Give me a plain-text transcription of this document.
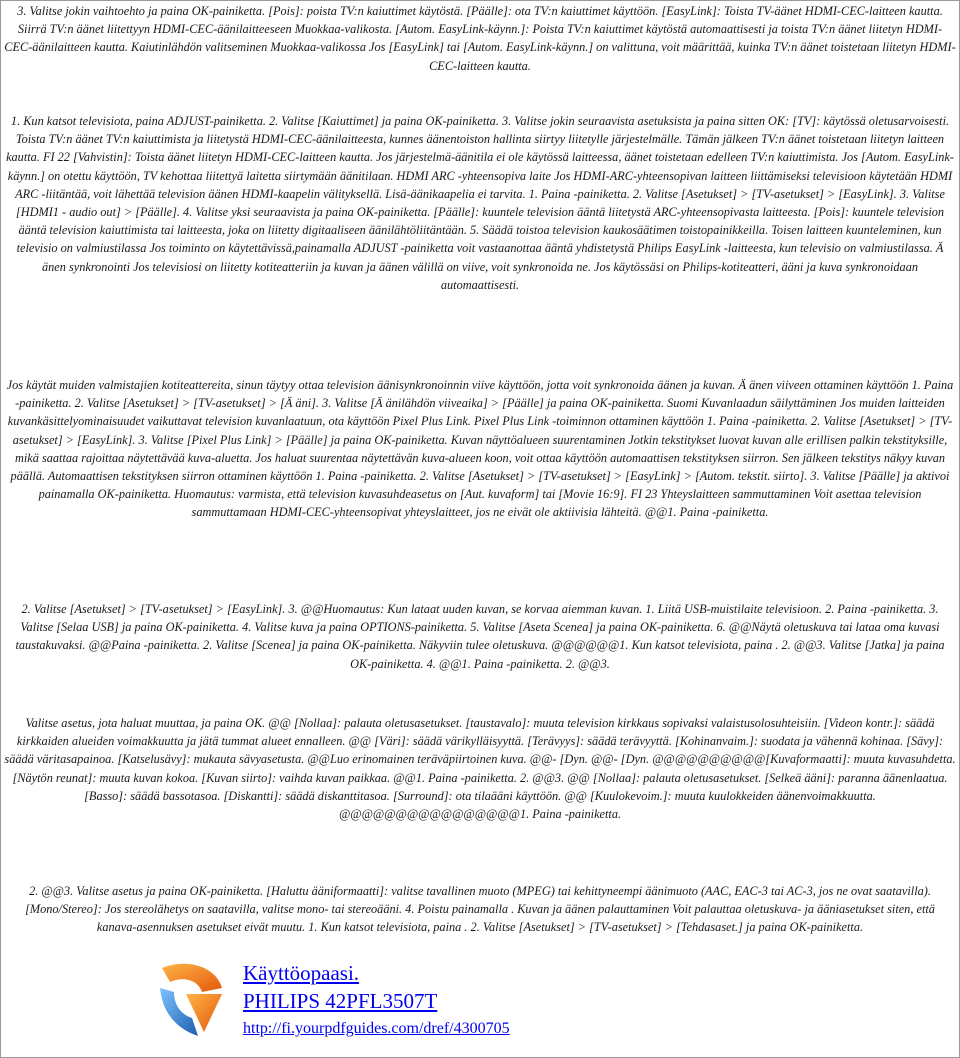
3. Valitse jokin vaihtoehto ja paina OK-painiketta. [Pois]: poista TV:n kaiuttimet käytöstä. [Päälle]: ota TV:n kaiuttimet käyttöön. [EasyLink]: Toista TV-äänet HDMI-CEC-laitteen kautta. Siirrä TV:n äänet liitettyyn HDMI-CEC-äänilaitteeseen Muokkaa-valikosta. [Autom. EasyLink-käynn.]: Poista TV:n kaiuttimet käytöstä automaattisesti ja toista TV:n äänet liitetyn HDMI-CEC-äänilaitteen kautta. Kaiutinlähdön valitseminen Muokkaa-valikossa Jos [EasyLink] tai [Autom. EasyLink-käynn.] on valittuna, voit määrittää, kuinka TV:n äänet toistetaan liitetyn HDMI-CEC-laitteen kautta.

1. Kun katsot televisiota, paina ADJUST-painiketta. 2. Valitse [Kaiuttimet] ja paina OK-painiketta. 3. Valitse jokin seuraavista asetuksista ja paina sitten OK: [TV]: käytössä oletusarvoisesti. Toista TV:n äänet TV:n kaiuttimista ja liitetystä HDMI-CEC-äänilaitteesta, kunnes äänentoiston hallinta siirtyy liitetylle järjestelmälle. Tämän jälkeen TV:n äänet toistetaan liitetyn laitteen kautta. FI 22 [Vahvistin]: Toista äänet liitetyn HDMI-CEC-laitteen kautta. Jos järjestelmä-äänitila ei ole käytössä laitteessa, äänet toistetaan edelleen TV:n kaiuttimista. Jos [Autom. EasyLink-käynn.] on otettu käyttöön, TV kehottaa liitettyä laitetta siirtymään äänitilaan. HDMI ARC -yhteensopiva laite Jos HDMI-ARC-yhteensopivan laitteen liittämiseksi televisioon käytetään HDMI ARC -liitäntää, voit lähettää television äänen HDMI-kaapelin välityksellä. Lisä-äänikaapelia ei tarvita. 1. Paina -painiketta. 2. Valitse [Asetukset] > [TV-asetukset] > [EasyLink]. 3. Valitse [HDMI1 - audio out] > [Päälle]. 4. Valitse yksi seuraavista ja paina OK-painiketta. [Päälle]: kuuntele television ääntä liitetystä ARC-yhteensopivasta laitteesta. [Pois]: kuuntele television ääntä television kaiuttimista tai laitteesta, joka on liitetty digitaaliseen äänilähtöliitäntään. 5. Säädä toistoa television kaukosäätimen toistopainikkeilla. Toisen laitteen kuunteleminen, kun televisio on valmiustilassa Jos toiminto on käytettävissä,painamalla ADJUST -painiketta voit vastaanottaa ääntä yhdistetystä Philips EasyLink -laitteesta, kun televisio on valmiustilassa. Ä änen synkronointi Jos televisiosi on liitetty kotiteatteriin ja kuvan ja äänen välillä on viive, voit synkronoida ne. Jos käytössäsi on Philips-kotiteatteri, ääni ja kuva synkronoidaan automaattisesti.

Jos käytät muiden valmistajien kotiteattereita, sinun täytyy ottaa television äänisynkronoinnin viive käyttöön, jotta voit synkronoida äänen ja kuvan. Ä änen viiveen ottaminen käyttöön 1. Paina -painiketta. 2. Valitse [Asetukset] > [TV-asetukset] > [Ä äni]. 3. Valitse [Ä änilähdön viiveaika] > [Päälle] ja paina OK-painiketta. Suomi Kuvanlaadun säilyttäminen Jos muiden laitteiden kuvankäsittelyominaisuudet vaikuttavat television kuvanlaatuun, ota käyttöön Pixel Plus Link. Pixel Plus Link -toiminnon ottaminen käyttöön 1. Paina -painiketta. 2. Valitse [Asetukset] > [TV-asetukset] > [EasyLink]. 3. Valitse [Pixel Plus Link] > [Päälle] ja paina OK-painiketta. Kuvan näyttöalueen suurentaminen Jotkin tekstitykset luovat kuvan alle erillisen palkin tekstityksille, mikä saattaa rajoittaa näytettävää kuva-aluetta. Jos haluat suurentaa näytettävän kuva-alueen koon, voit ottaa käyttöön automaattisen tekstityksen siirron. Sen jälkeen tekstitys näkyy kuvan päällä. Automaattisen tekstityksen siirron ottaminen käyttöön 1. Paina -painiketta. 2. Valitse [Asetukset] > [TV-asetukset] > [EasyLink] > [Autom. tekstit. siirto]. 3. Valitse [Päälle] ja aktivoi painamalla OK-painiketta. Huomautus: varmista, että television kuvasuhdeasetus on [Aut. kuvaform] tai [Movie 16:9]. FI 23 Yhteyslaitteen sammuttaminen Voit asettaa television sammuttamaan HDMI-CEC-yhteensopivat yhteyslaitteet, jos ne eivät ole aktiivisia lähteitä. @@1. Paina -painiketta.

2. Valitse [Asetukset] > [TV-asetukset] > [EasyLink]. 3. @@Huomautus: Kun lataat uuden kuvan, se korvaa aiemman kuvan. 1. Liitä USB-muistilaite televisioon. 2. Paina -painiketta. 3. Valitse [Selaa USB] ja paina OK-painiketta. 4. Valitse kuva ja paina OPTIONS-painiketta. 5. Valitse [Aseta Scenea] ja paina OK-painiketta. 6. @@Näytä oletuskuva tai lataa oma kuvasi taustakuvaksi. @@Paina -painiketta. 2. Valitse [Scenea] ja paina OK-painiketta. Näkyviin tulee oletuskuva. @@@@@@1. Kun katsot televisiota, paina . 2. @@3. Valitse [Jatka] ja paina OK-painiketta. 4. @@1. Paina -painiketta. 2. @@3.

Valitse asetus, jota haluat muuttaa, ja paina OK. @@ [Nollaa]: palauta oletusasetukset. [taustavalo]: muuta television kirkkaus sopivaksi valaistusolosuhteisiin. [Videon kontr.]: säädä kirkkaiden alueiden voimakkuutta ja jätä tummat alueet ennalleen. @@ [Väri]: säädä värikylläisyyttä. [Terävyys]: säädä terävyyttä. [Kohinanvaim.]: suodata ja vähennä kohinaa. [Sävy]: säädä väritasapainoa. [Katselusävy]: mukauta sävyasetusta. @@Luo erinomainen teräväpiirtoinen kuva. @@- [Dyn. @@- [Dyn. @@@@@@@@@@[Kuvaformaatti]: muuta kuvasuhdetta. [Näytön reunat]: muuta kuvan kokoa. [Kuvan siirto]: vaihda kuvan paikkaa. @@1. Paina -painiketta. 2. @@3. @@ [Nollaa]: palauta oletusasetukset. [Selkeä ääni]: paranna äänenlaatua. [Basso]: säädä bassotasoa. [Diskantti]: säädä diskanttitasoa. [Surround]: ota tilaääni käyttöön. @@ [Kuulokevoim.]: muuta kuulokkeiden äänenvoimakkuutta. @@@@@@@@@@@@@@@@1. Paina -painiketta.

2. @@3. Valitse asetus ja paina OK-painiketta. [Haluttu ääniformaatti]: valitse tavallinen muoto (MPEG) tai kehittyneempi äänimuoto (AAC, EAC-3 tai AC-3, jos ne ovat saatavilla). [Mono/Stereo]: Jos stereolähetys on saatavilla, valitse mono- tai stereoääni. 4. Poistu painamalla . Kuvan ja äänen palauttaminen Voit palauttaa oletuskuva- ja ääniasetukset siten, että kanava-asennuksen asetukset eivät muutu. 1. Kun katsot televisiota, paina . 2. Valitse [Asetukset] > [TV-asetukset] > [Tehdasaset.] ja paina OK-painiketta.

Käyttöopaasi.
PHILIPS 42PFL3507T
http://fi.yourpdfguides.com/dref/4300705
